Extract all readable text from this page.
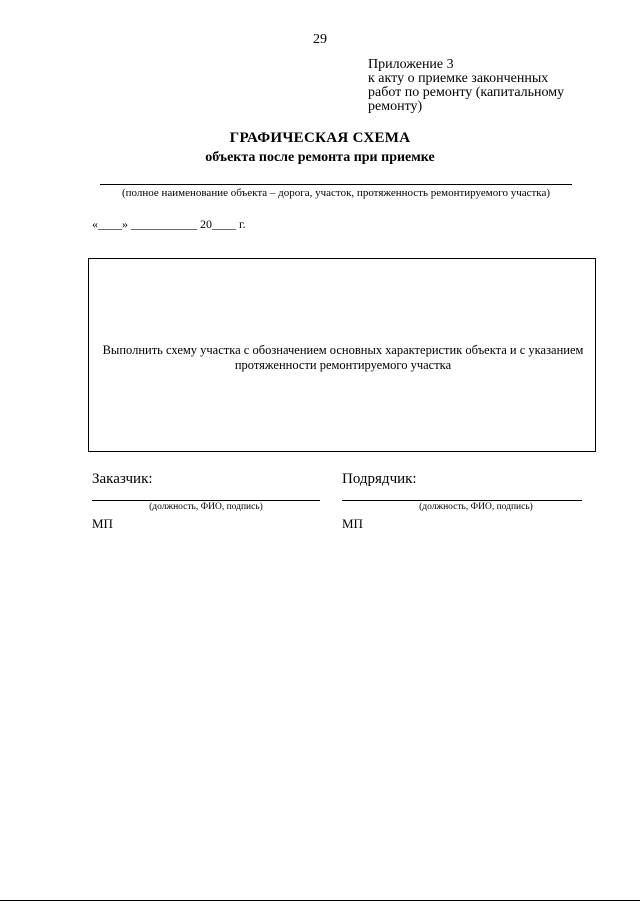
29
Приложение 3
к акту о приемке законченных
работ по ремонту (капитальному
ремонту)
ГРАФИЧЕСКАЯ СХЕМА
объекта после ремонта при приемке
(полное наименование объекта – дорога, участок, протяженность ремонтируемого участка)
«____» ___________ 20____ г.
Выполнить схему участка с обозначением основных характеристик объекта и с указанием
протяженности ремонтируемого участка
Заказчик:
(должность, ФИО, подпись)
МП
Подрядчик:
(должность, ФИО, подпись)
МП
